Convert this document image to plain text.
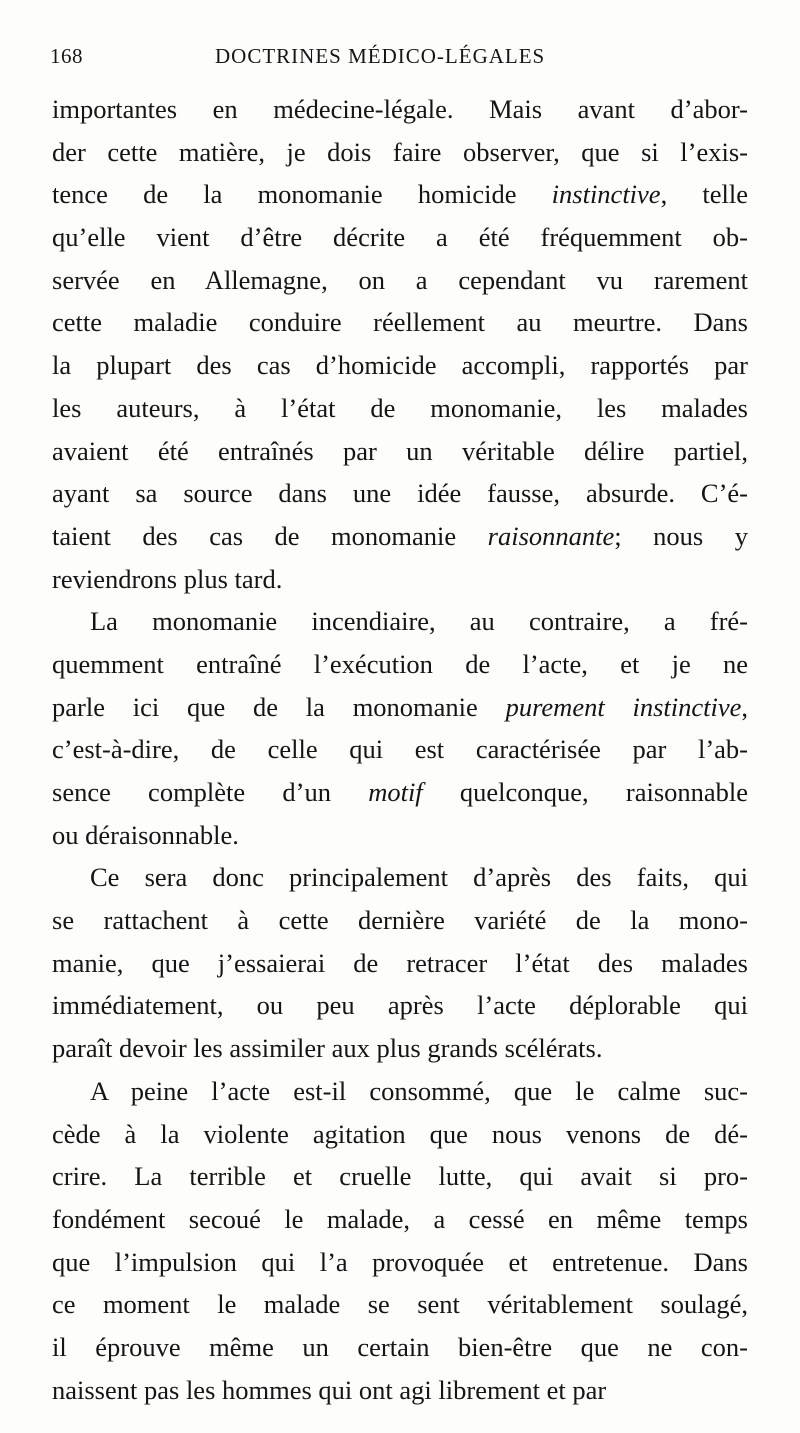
168	DOCTRINES MÉDICO-LÉGALES
importantes en médecine-légale. Mais avant d’abor-
der cette matière, je dois faire observer, que si l’exis-
tence de la monomanie homicide instinctive, telle
qu’elle vient d’être décrite a été fréquemment ob-
servée en Allemagne, on a cependant vu rarement
cette maladie conduire réellement au meurtre. Dans
la plupart des cas d’homicide accompli, rapportés par
les auteurs, à l’état de monomanie, les malades
avaient été entraînés par un véritable délire partiel,
ayant sa source dans une idée fausse, absurde. C’é-
taient des cas de monomanie raisonnante; nous y
reviendrons plus tard.
La monomanie incendiaire, au contraire, a fré-
quemment entraîné l’exécution de l’acte, et je ne
parle ici que de la monomanie purement instinctive,
c’est-à-dire, de celle qui est caractérisée par l’ab-
sence complète d’un motif quelconque, raisonnable
ou déraisonnable.
Ce sera donc principalement d’après des faits, qui
se rattachent à cette dernière variété de la mono-
manie, que j’essaierai de retracer l’état des malades
immédiatement, ou peu après l’acte déplorable qui
paraît devoir les assimiler aux plus grands scélérats.
A peine l’acte est-il consommé, que le calme suc-
cède à la violente agitation que nous venons de dé-
crire. La terrible et cruelle lutte, qui avait si pro-
fondément secoué le malade, a cessé en même temps
que l’impulsion qui l’a provoquée et entretenue. Dans
ce moment le malade se sent véritablement soulagé,
il éprouve même un certain bien-être que ne con-
naissent pas les hommes qui ont agi librement et par
